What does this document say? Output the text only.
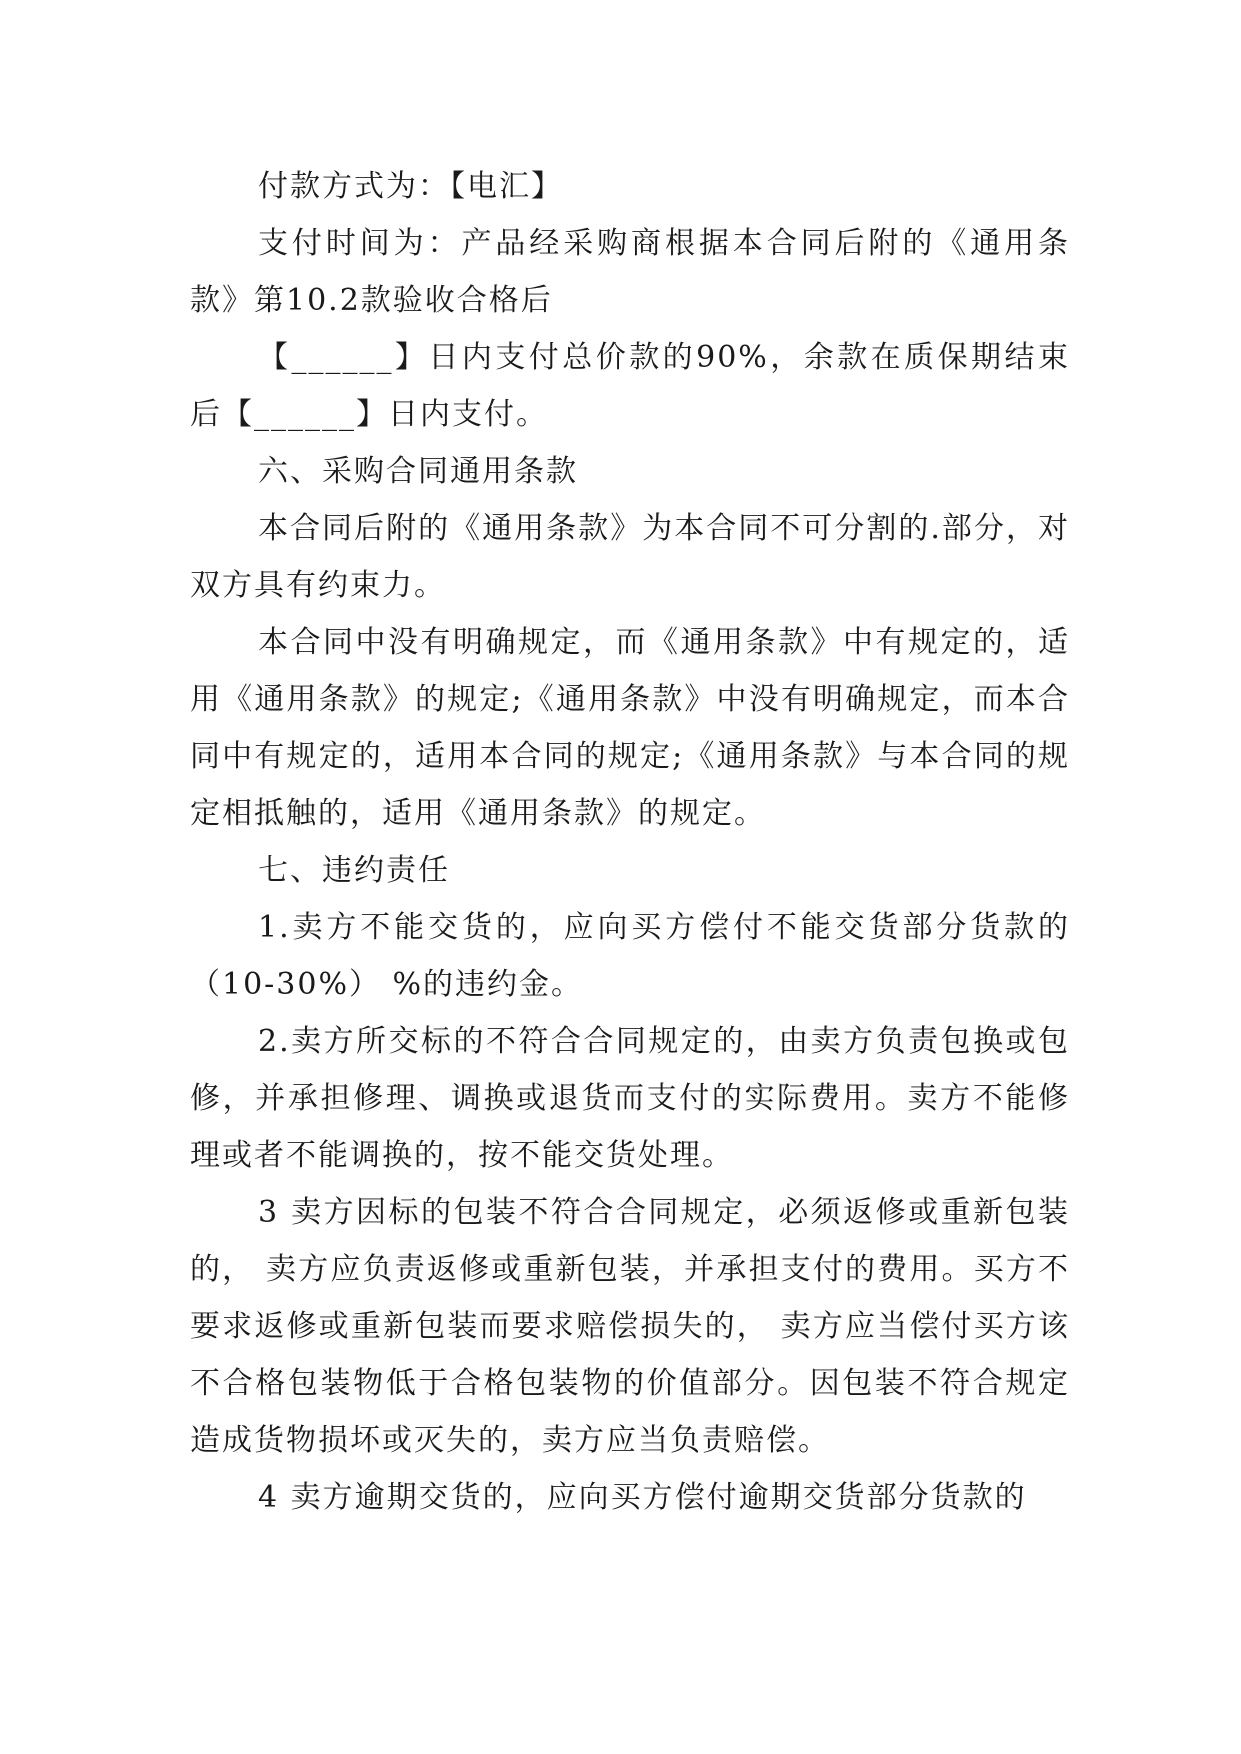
付款方式为：【电汇】

支付时间为：产品经采购商根据本合同后附的《通用条款》第10.2款验收合格后

【______】日内支付总价款的90%，余款在质保期结束后【______】日内支付。

六、采购合同通用条款

本合同后附的《通用条款》为本合同不可分割的.部分，对双方具有约束力。

本合同中没有明确规定，而《通用条款》中有规定的，适用《通用条款》的规定;《通用条款》中没有明确规定，而本合同中有规定的，适用本合同的规定;《通用条款》与本合同的规定相抵触的，适用《通用条款》的规定。

七、违约责任

1.卖方不能交货的，应向买方偿付不能交货部分货款的（10-30%） %的违约金。

2.卖方所交标的不符合合同规定的，由卖方负责包换或包修，并承担修理、调换或退货而支付的实际费用。卖方不能修理或者不能调换的，按不能交货处理。

3 卖方因标的包装不符合合同规定，必须返修或重新包装的， 卖方应负责返修或重新包装，并承担支付的费用。买方不要求返修或重新包装而要求赔偿损失的， 卖方应当偿付买方该不合格包装物低于合格包装物的价值部分。因包装不符合规定造成货物损坏或灭失的，卖方应当负责赔偿。

4 卖方逾期交货的，应向买方偿付逾期交货部分货款的
